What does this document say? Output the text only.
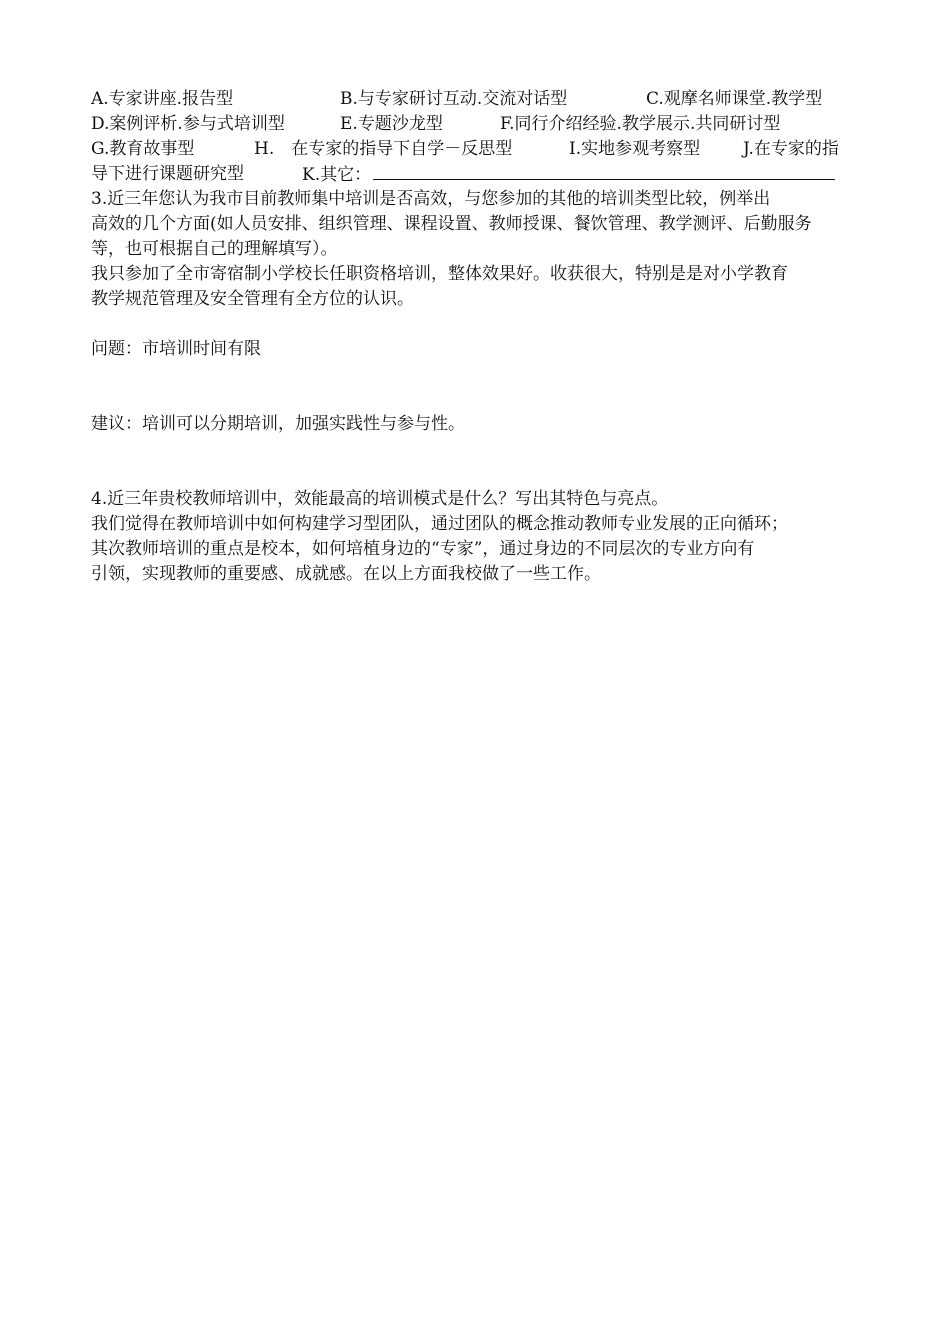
A.专家讲座.报告型	B.与专家研讨互动.交流对话型	C.观摩名师课堂.教学型
D.案例评析.参与式培训型	E.专题沙龙型	F.同行介绍经验.教学展示.共同研讨型
G.教育故事型	H.　在专家的指导下自学－反思型	I.实地参观考察型	J.在专家的指
导下进行课题研究型	K.其它：
3.近三年您认为我市目前教师集中培训是否高效，与您参加的其他的培训类型比较，例举出
高效的几个方面(如人员安排、组织管理、课程设置、教师授课、餐饮管理、教学测评、后勤服务
等，也可根据自己的理解填写）。
我只参加了全市寄宿制小学校长任职资格培训，整体效果好。收获很大，特别是是对小学教育
教学规范管理及安全管理有全方位的认识。
问题：市培训时间有限
建议：培训可以分期培训，加强实践性与参与性。
4.近三年贵校教师培训中，效能最高的培训模式是什么？写出其特色与亮点。
我们觉得在教师培训中如何构建学习型团队，通过团队的概念推动教师专业发展的正向循环；
其次教师培训的重点是校本，如何培植身边的“专家”，通过身边的不同层次的专业方向有
引领，实现教师的重要感、成就感。在以上方面我校做了一些工作。
